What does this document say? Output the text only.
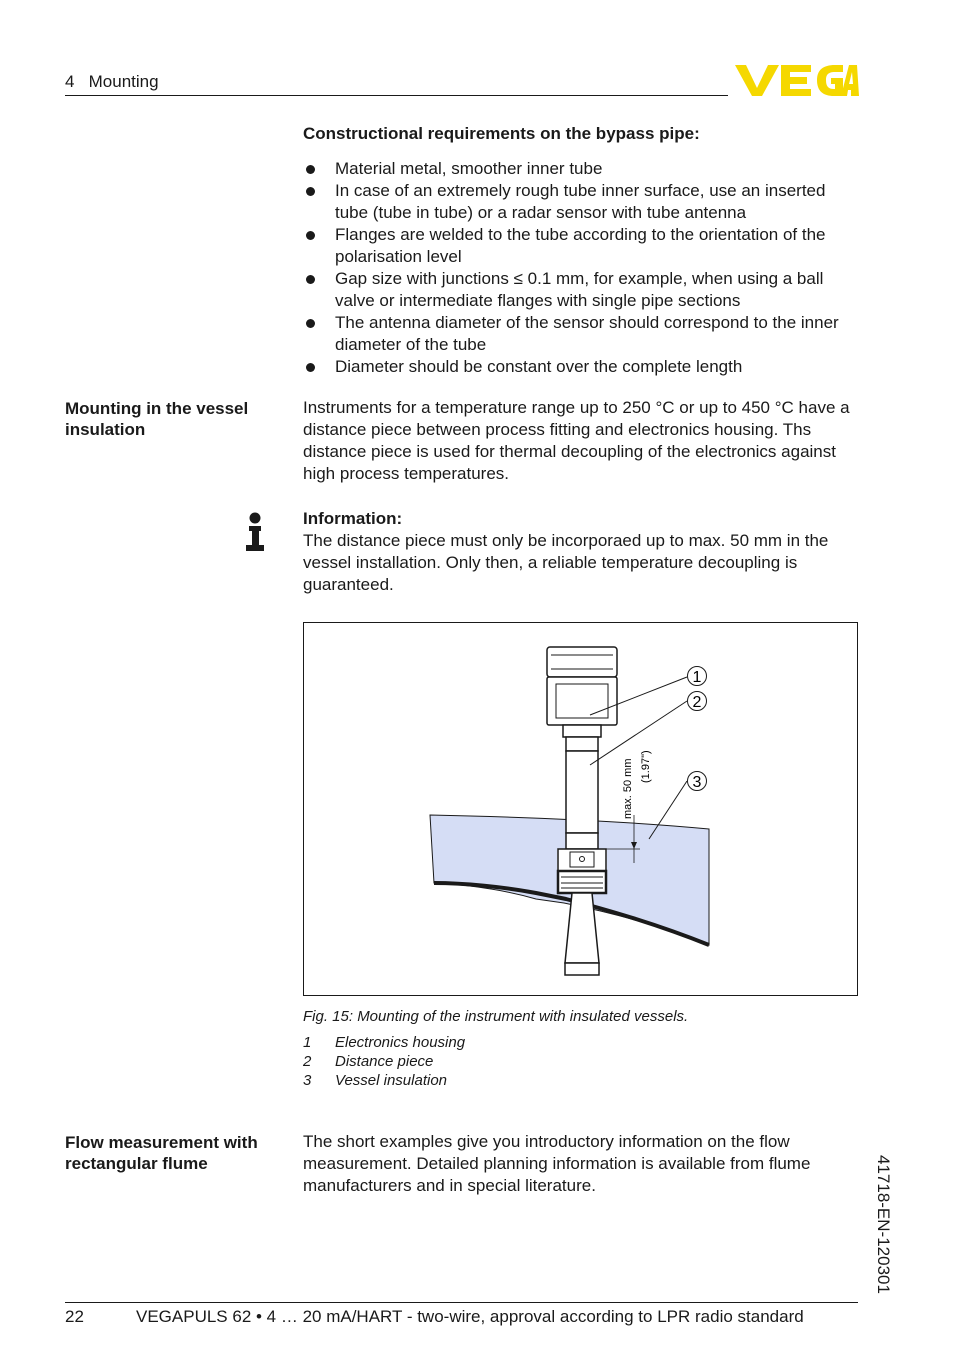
4   Mounting
Constructional requirements on the bypass pipe:
Material metal, smoother inner tube
In case of an extremely rough tube inner surface, use an inserted tube (tube in tube) or a radar sensor with tube antenna
Flanges are welded to the tube according to the orientation of the polarisation level
Gap size with junctions ≤ 0.1 mm, for example, when using a ball valve or intermediate flanges with single pipe sections
The antenna diameter of the sensor should correspond to the inner diameter of the tube
Diameter should be constant over the complete length
Mounting in the vessel insulation
Instruments for a temperature range up to 250 °C or up to 450 °C have a distance piece between process fitting and electronics housing. Ths distance piece is used for thermal decoupling of the electronics against high process temperatures.
Information:
The distance piece must only be incorporaed up to max. 50 mm in the vessel installation. Only then, a reliable temperature decoupling is guaranteed.
max. 50 mm (1.97")
1
2
3
Fig. 15: Mounting of the instrument with insulated vessels.
1 Electronics housing
2 Distance piece
3 Vessel insulation
Flow measurement with rectangular flume
The short examples give you introductory information on the flow measurement. Detailed planning information is available from flume manufacturers and in special literature.	41718-EN-120301
22	VEGAPULS 62 • 4 … 20 mA/HART - two-wire, approval according to LPR radio standard
